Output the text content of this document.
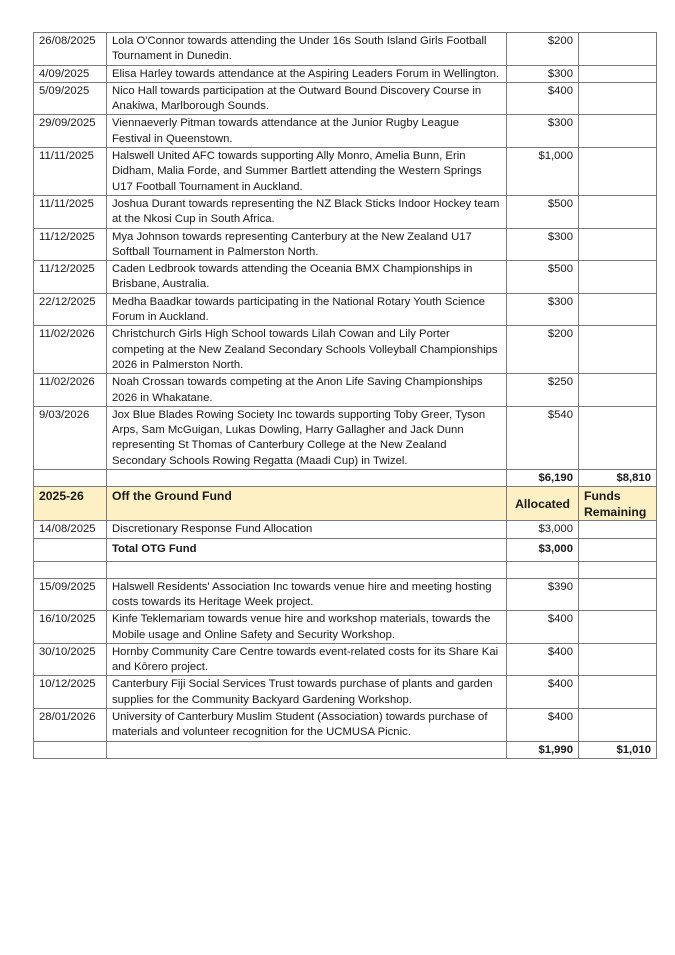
26/08/2025	Lola O'Connor towards attending the Under 16s South Island Girls Football Tournament in Dunedin.	$200	
4/09/2025	Elisa Harley towards attendance at the Aspiring Leaders Forum in Wellington.	$300	
5/09/2025	Nico Hall towards participation at the Outward Bound Discovery Course in Anakiwa, Marlborough Sounds.	$400	
29/09/2025	Viennaeverly Pitman towards attendance at the Junior Rugby League Festival in Queenstown.	$300	
11/11/2025	Halswell United AFC towards supporting Ally Monro, Amelia Bunn, Erin Didham, Malia Forde, and Summer Bartlett attending the Western Springs U17 Football Tournament in Auckland.	$1,000	
11/11/2025	Joshua Durant towards representing the NZ Black Sticks Indoor Hockey team at the Nkosi Cup in South Africa.	$500	
11/12/2025	Mya Johnson towards representing Canterbury at the New Zealand U17 Softball Tournament in Palmerston North.	$300	
11/12/2025	Caden Ledbrook towards attending the Oceania BMX Championships in Brisbane, Australia.	$500	
22/12/2025	Medha Baadkar towards participating in the National Rotary Youth Science Forum in Auckland.	$300	
11/02/2026	Christchurch Girls High School towards Lilah Cowan and Lily Porter competing at the New Zealand Secondary Schools Volleyball Championships 2026 in Palmerston North.	$200	
11/02/2026	Noah Crossan towards competing at the Anon Life Saving Championships 2026 in Whakatane.	$250	
9/03/2026	Jox Blue Blades Rowing Society Inc towards supporting Toby Greer, Tyson Arps, Sam McGuigan, Lukas Dowling, Harry Gallagher and Jack Dunn representing St Thomas of Canterbury College at the New Zealand Secondary Schools Rowing Regatta (Maadi Cup) in Twizel.	$540	
		$6,190	$8,810
2025-26	Off the Ground Fund	Allocated	Funds Remaining
14/08/2025	Discretionary Response Fund Allocation	$3,000	
	Total OTG Fund	$3,000	

15/09/2025	Halswell Residents' Association Inc towards venue hire and meeting hosting costs towards its Heritage Week project.	$390	
16/10/2025	Kinfe Teklemariam towards venue hire and workshop materials, towards the Mobile usage and Online Safety and Security Workshop.	$400	
30/10/2025	Hornby Community Care Centre towards event-related costs for its Share Kai and Kōrero project.	$400	
10/12/2025	Canterbury Fiji Social Services Trust towards purchase of plants and garden supplies for the Community Backyard Gardening Workshop.	$400	
28/01/2026	University of Canterbury Muslim Student (Association) towards purchase of materials and volunteer recognition for the UCMUSA Picnic.	$400	
		$1,990	$1,010
